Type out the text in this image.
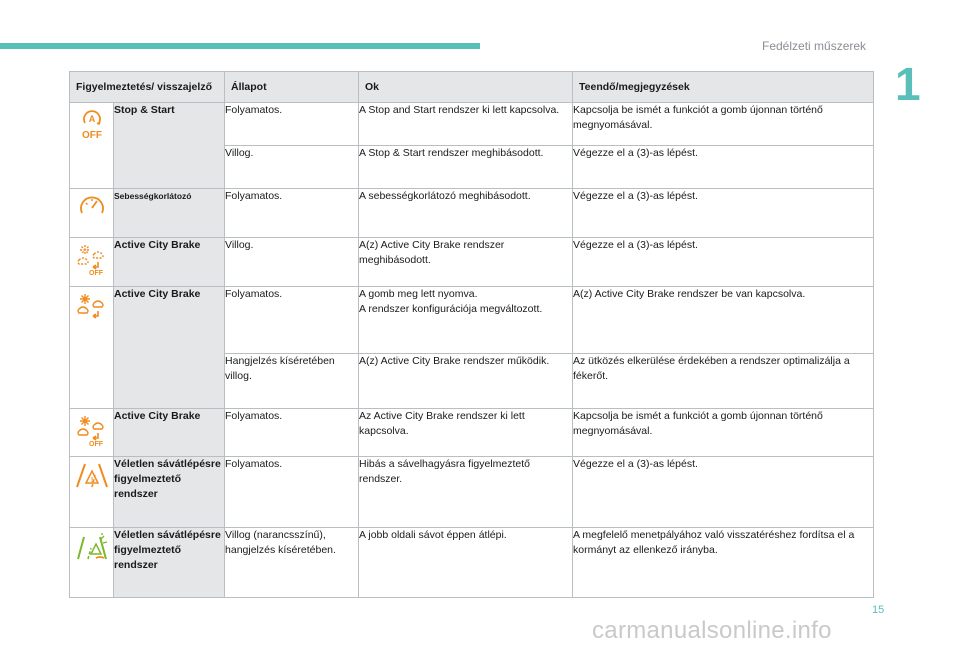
Fedélzeti műszerek
1
15
carmanualsonline.info
Figyelmeztetés/ visszajelző		Állapot	Ok	Teendő/megjegyzések

A
OFF	Stop & Start	Folyamatos.	A Stop and Start rendszer ki lett kapcsolva.	Kapcsolja be ismét a funkciót a gomb újonnan történő megnyomásával.
		Villog.	A Stop & Start rendszer meghibásodott.	Végezze el a (3)-as lépést.

	Sebességkorlátozó	Folyamatos.	A sebességkorlátozó meghibásodott.	Végezze el a (3)-as lépést.

OFF	Active City Brake	Villog.	A(z) Active City Brake rendszer meghibásodott.	Végezze el a (3)-as lépést.

	Active City Brake	Folyamatos.	A gomb meg lett nyomva.
A rendszer konfigurációja megváltozott.	A(z) Active City Brake rendszer be van kapcsolva.
		Hangjelzés kíséretében villog.	A(z) Active City Brake rendszer működik.	Az ütközés elkerülése érdekében a rendszer optimalizálja a fékerőt.

OFF	Active City Brake	Folyamatos.	Az Active City Brake rendszer ki lett kapcsolva.	Kapcsolja be ismét a funkciót a gomb újonnan történő megnyomásával.

!	Véletlen sávátlépésre figyelmeztető rendszer	Folyamatos.	Hibás a sávelhagyásra figyelmeztető rendszer.	Végezze el a (3)-as lépést.

	Véletlen sávátlépésre figyelmeztető rendszer	Villog (narancsszínű), hangjelzés kíséretében.	A jobb oldali sávot éppen átlépi.	A megfelelő menetpályához való visszatéréshez fordítsa el a kormányt az ellenkező irányba.
